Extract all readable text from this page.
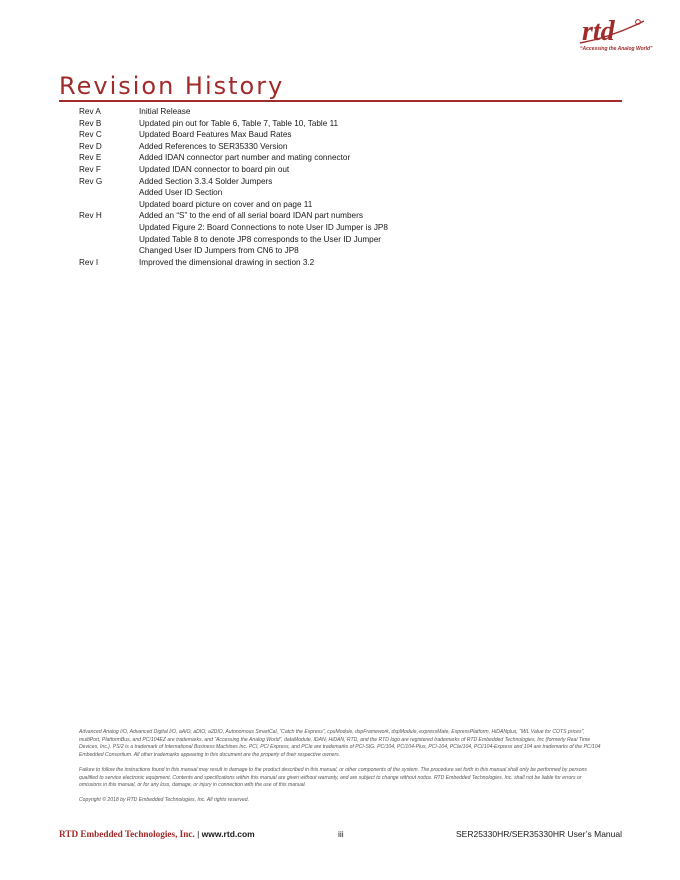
rtd
“Accessing the Analog World”
Revision History
Rev A	Initial Release
Rev B	Updated pin out for Table 6, Table 7, Table 10, Table 11
Rev C	Updated Board Features Max Baud Rates
Rev D	Added References to SER35330 Version
Rev E	Added IDAN connector part number and mating connector
Rev F	Updated IDAN connector to board pin out
Rev G	Added Section 3.3.4 Solder Jumpers
Added User ID Section
Updated board picture on cover and on page 11
Rev H	Added an “S” to the end of all serial board IDAN part numbers
Updated Figure 2: Board Connections to note User ID Jumper is JP8
Updated Table 8 to denote JP8 corresponds to the User ID Jumper
Changed User ID Jumpers from CN6 to JP8
Rev I	Improved the dimensional drawing in section 3.2
Advanced Analog I/O, Advanced Digital I/O, aAIO, aDIO, a2DIO, Autonomous SmartCal, “Catch the Express”, cpuModule, dspFramework, dspModule, expressMate, ExpressPlatform, HiDANplus, “MIL Value for COTS prices”, multiPort, PlatformBus, and PC/104EZ are trademarks, and “Accessing the Analog World”, dataModule, IDAN, HiDAN, RTD, and the RTD logo are registered trademarks of RTD Embedded Technologies, Inc (formerly Real Time Devices, Inc.). PS/2 is a trademark of International Business Machines Inc. PCI, PCI Express, and PCIe are trademarks of PCI-SIG. PC/104, PC/104-Plus, PCI-104, PCIe/104, PCI/104-Express and 104 are trademarks of the PC/104 Embedded Consortium. All other trademarks appearing in this document are the property of their respective owners.
Failure to follow the instructions found in this manual may result in damage to the product described in this manual, or other components of the system. The procedure set forth in this manual shall only be performed by persons qualified to service electronic equipment. Contents and specifications within this manual are given without warranty, and are subject to change without notice. RTD Embedded Technologies, Inc. shall not be liable for errors or omissions in this manual, or for any loss, damage, or injury in connection with the use of this manual.
Copyright © 2018 by RTD Embedded Technologies, Inc. All rights reserved.
RTD Embedded Technologies, Inc. | www.rtd.com	iii	SER25330HR/SER35330HR User’s Manual
